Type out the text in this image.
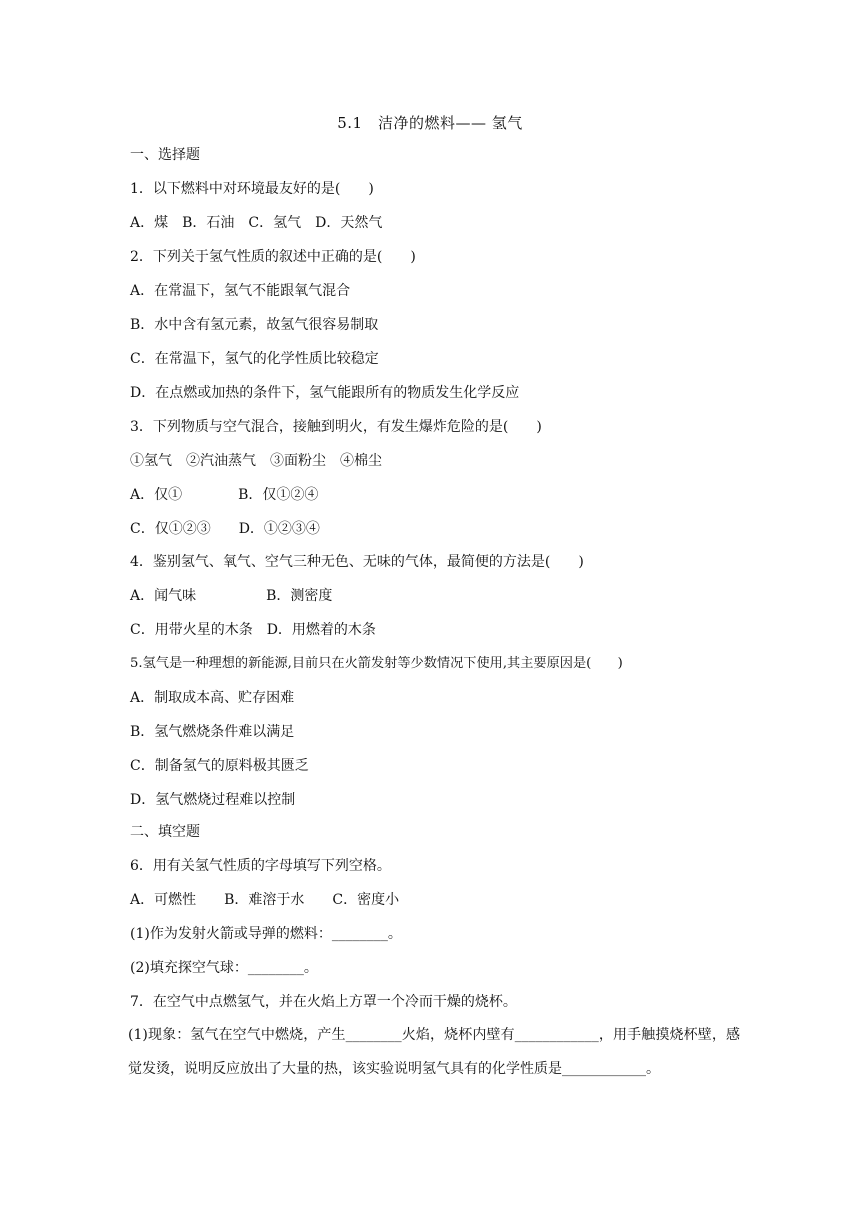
5.1　洁净的燃料—— 氢气
一、选择题
1．以下燃料中对环境最友好的是(　　)
A．煤　B．石油　C．氢气　D．天然气
2．下列关于氢气性质的叙述中正确的是(　　)
A．在常温下，氢气不能跟氧气混合
B．水中含有氢元素，故氢气很容易制取
C．在常温下，氢气的化学性质比较稳定
D．在点燃或加热的条件下，氢气能跟所有的物质发生化学反应
3．下列物质与空气混合，接触到明火，有发生爆炸危险的是(　　)
①氢气　②汽油蒸气　③面粉尘　④棉尘
A．仅①　　　　B．仅①②④
C．仅①②③　　D．①②③④
4．鉴别氢气、氧气、空气三种无色、无味的气体，最简便的方法是(　　)
A．闻气味　　　　　B．测密度
C．用带火星的木条　D．用燃着的木条
5.氢气是一种理想的新能源,目前只在火箭发射等少数情况下使用,其主要原因是(　　)
A．制取成本高、贮存困难
B．氢气燃烧条件难以满足
C．制备氢气的原料极其匮乏
D．氢气燃烧过程难以控制
二、填空题
6．用有关氢气性质的字母填写下列空格。
A．可燃性　　B．难溶于水　　C．密度小
(1)作为发射火箭或导弹的燃料：________。
(2)填充探空气球：________。
7．在空气中点燃氢气，并在火焰上方罩一个冷而干燥的烧杯。
(1)现象：氢气在空气中燃烧，产生________火焰，烧杯内壁有____________，用手触摸烧杯壁，感觉发烫，说明反应放出了大量的热，该实验说明氢气具有的化学性质是____________。
